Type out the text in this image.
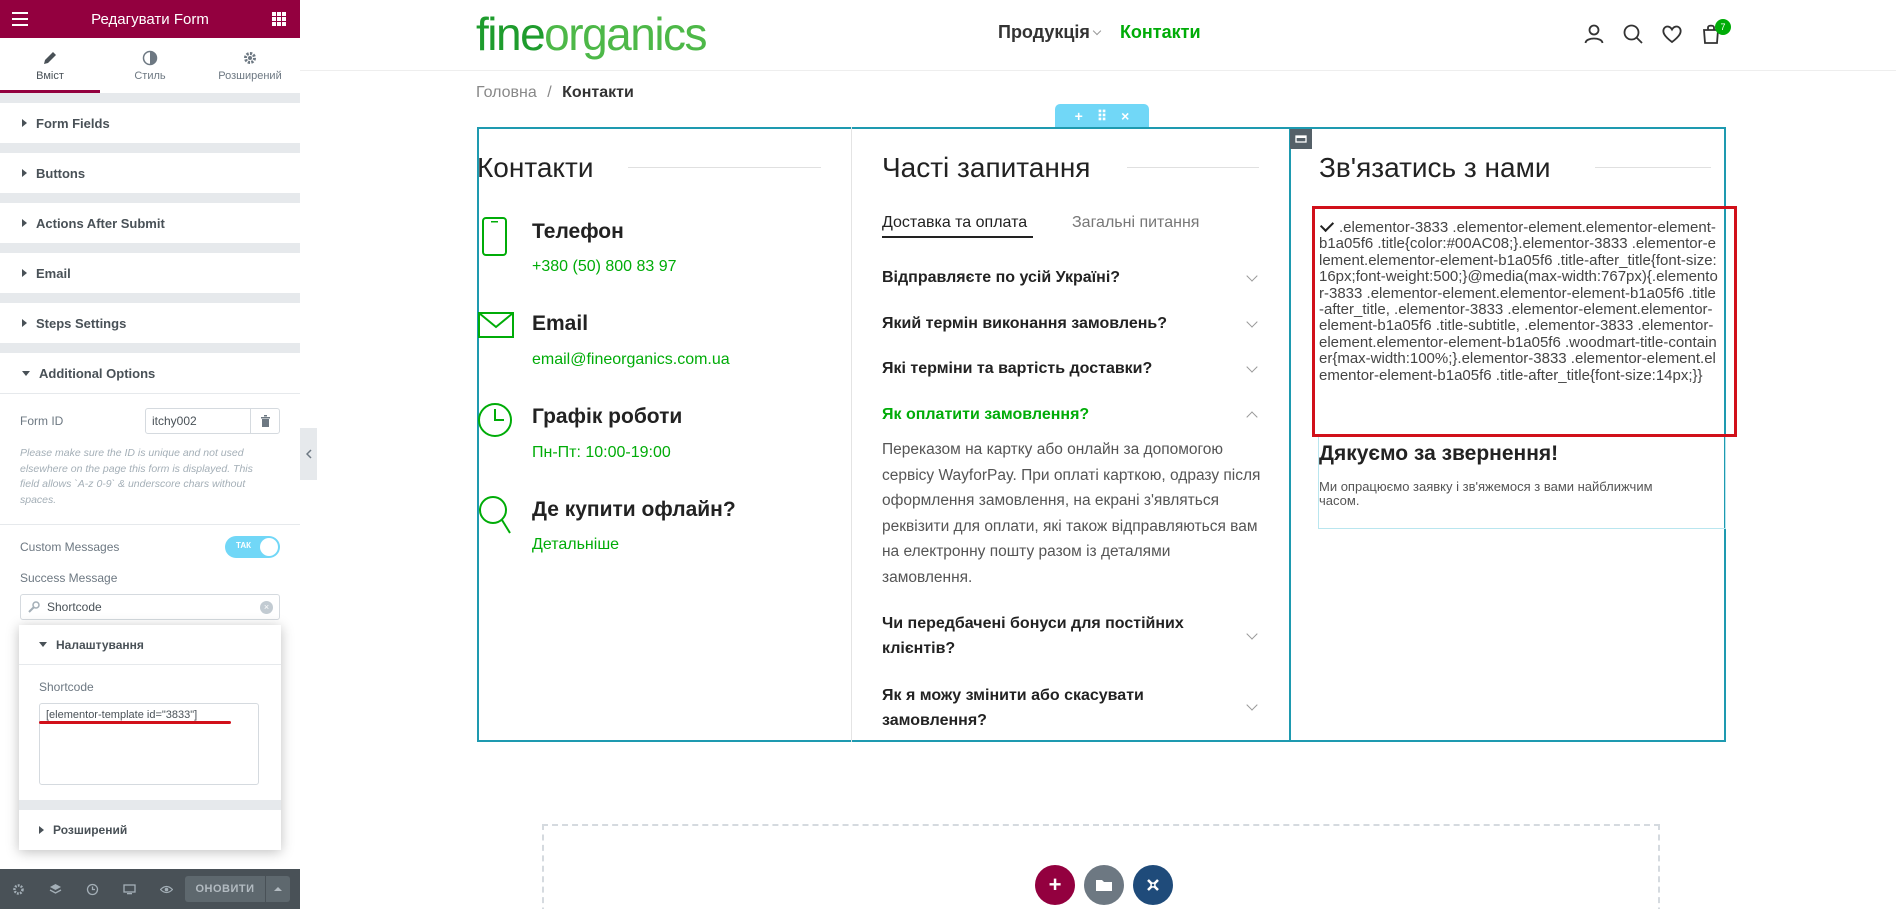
Редагувати Form
Вміст	Стиль	Розширений
Form Fields
Buttons
Actions After Submit
Email
Steps Settings
Additional Options
Form ID	itchy002
Please make sure the ID is unique and not used elsewhere on the page this form is displayed. This field allows `A-z 0-9` & underscore chars without spaces.
Custom Messages	ТАК
Success Message
Shortcode	×
Налаштування
Shortcode
[elementor-template id="3833"]
Розширений
ОНОВИТИ
fineorganics	Продукція	Контакти	7
Головна / Контакти
+ ⠿ ×
Контакти
Телефон
+380 (50) 800 83 97
Email
email@fineorganics.com.ua
Графік роботи
Пн-Пт: 10:00-19:00
Де купити офлайн?
Детальніше
Часті запитання
Доставка та оплата	Загальні питання
Відправляєте по усій Україні?
Який термін виконання замовлень?
Які терміни та вартість доставки?
Як оплатити замовлення?
Переказом на картку або онлайн за допомогою сервісу WayforPay. При оплаті карткою, одразу після оформлення замовлення, на екрані з'являться реквізити для оплати, які також відправляються вам на електронну пошту разом із деталями замовлення.
Чи передбачені бонуси для постійних клієнтів?
Як я можу змінити або скасувати замовлення?
Зв'язатись з нами
.elementor-3833 .elementor-element.elementor-element-b1a05f6 .title{color:#00AC08;}.elementor-3833 .elementor-element.elementor-element-b1a05f6 .title-after_title{font-size:16px;font-weight:500;}@media(max-width:767px){.elementor-3833 .elementor-element.elementor-element-b1a05f6 .title-after_title, .elementor-3833 .elementor-element.elementor-element-b1a05f6 .title-subtitle, .elementor-3833 .elementor-element.elementor-element-b1a05f6 .woodmart-title-container{max-width:100%;}.elementor-3833 .elementor-element.elementor-element-b1a05f6 .title-after_title{font-size:14px;}}
Дякуємо за звернення!
Ми опрацюємо заявку і зв'яжемося з вами найближчим часом.
+
